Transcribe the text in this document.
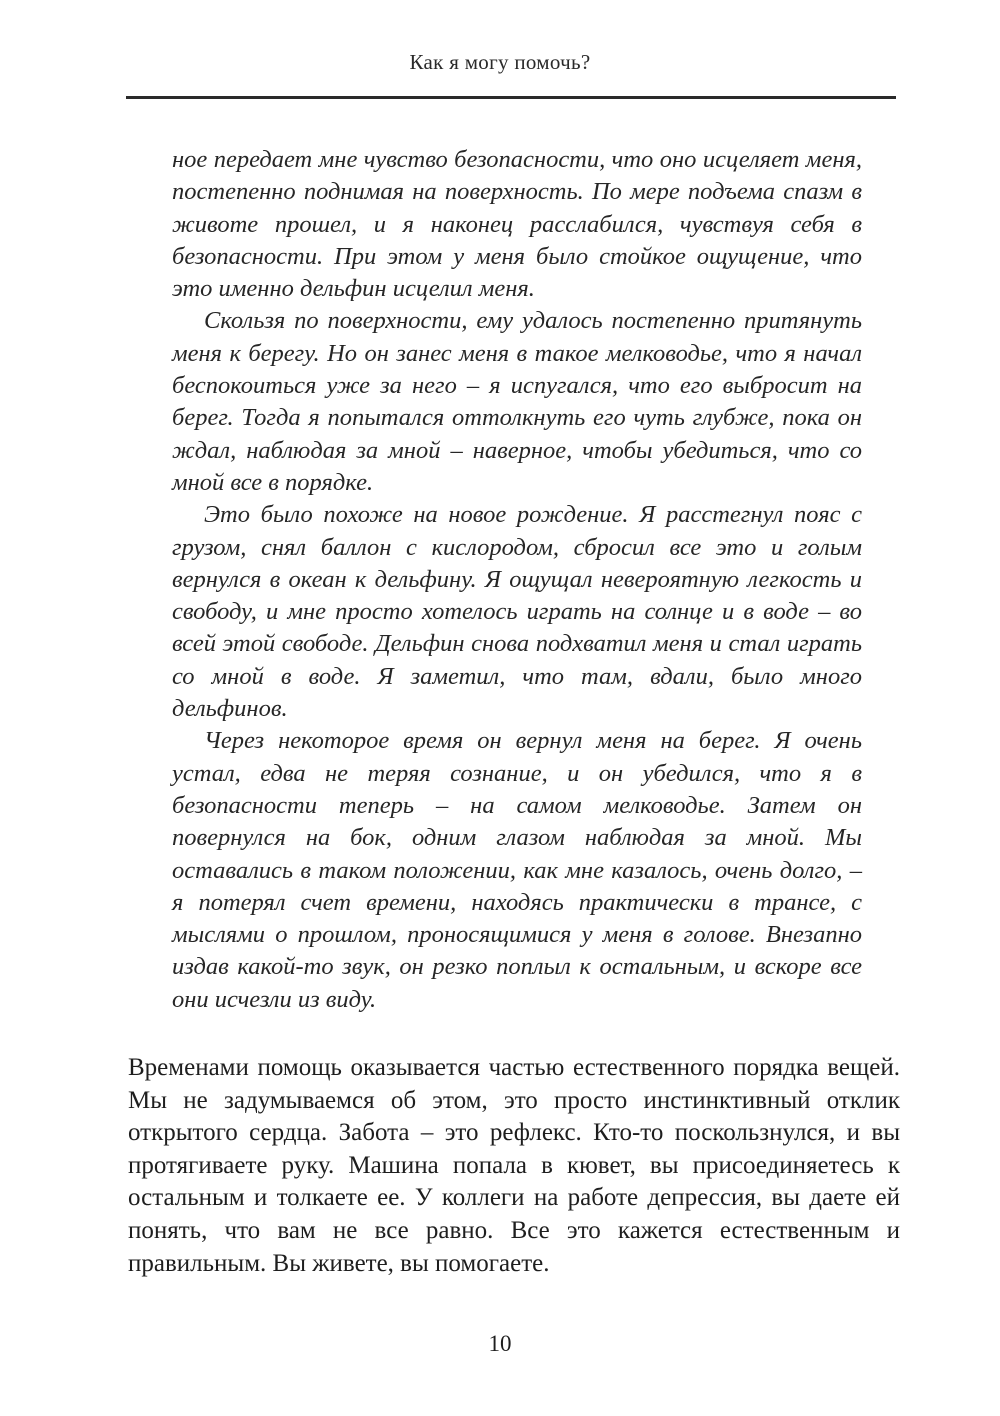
Как я могу помочь?

ное передает мне чувство безопасности, что оно исцеляет меня, постепенно поднимая на поверхность. По мере подъема спазм в животе прошел, и я наконец расслабился, чувствуя себя в безопасности. При этом у меня было стойкое ощущение, что это именно дельфин исцелил меня.

Скользя по поверхности, ему удалось постепенно притянуть меня к берегу. Но он занес меня в такое мелководье, что я начал беспокоиться уже за него – я испугался, что его выбросит на берег. Тогда я попытался оттолкнуть его чуть глубже, пока он ждал, наблюдая за мной – наверное, чтобы убедиться, что со мной все в порядке.

Это было похоже на новое рождение. Я расстегнул пояс с грузом, снял баллон с кислородом, сбросил все это и голым вернулся в океан к дельфину. Я ощущал невероятную легкость и свободу, и мне просто хотелось играть на солнце и в воде – во всей этой свободе. Дельфин снова подхватил меня и стал играть со мной в воде. Я заметил, что там, вдали, было много дельфинов.

Через некоторое время он вернул меня на берег. Я очень устал, едва не теряя сознание, и он убедился, что я в безопасности теперь – на самом мелководье. Затем он повернулся на бок, одним глазом наблюдая за мной. Мы оставались в таком положении, как мне казалось, очень долго, – я потерял счет времени, находясь практически в трансе, с мыслями о прошлом, проносящимися у меня в голове. Внезапно издав какой-то звук, он резко поплыл к остальным, и вскоре все они исчезли из виду.

Временами помощь оказывается частью естественного порядка вещей. Мы не задумываемся об этом, это просто инстинктивный отклик открытого сердца. Забота – это рефлекс. Кто-то поскользнулся, и вы протягиваете руку. Машина попала в кювет, вы присоединяетесь к остальным и толкаете ее. У коллеги на работе депрессия, вы даете ей понять, что вам не все равно. Все это кажется естественным и правильным. Вы живете, вы помогаете.

10
